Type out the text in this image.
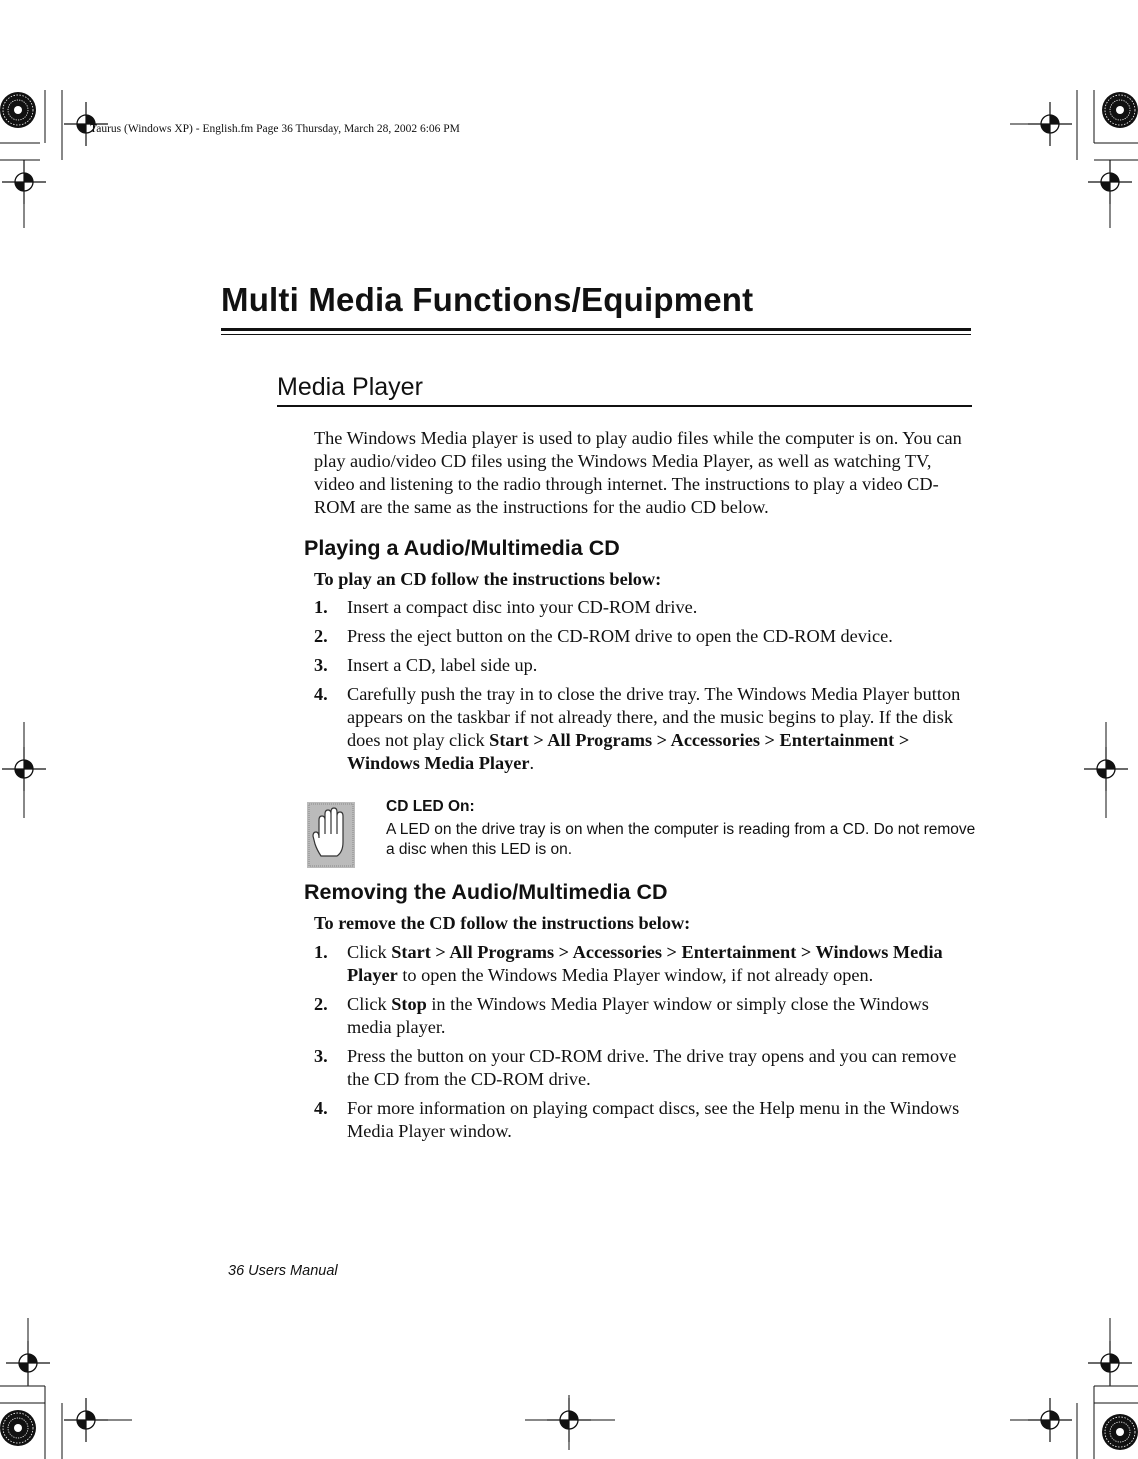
Taurus (Windows XP) - English.fm Page 36 Thursday, March 28, 2002 6:06 PM
Multi Media Functions/Equipment
Media Player
The Windows Media player is used to play audio files while the computer is on. You can play audio/video CD files using the Windows Media Player, as well as watching TV, video and listening to the radio through internet. The instructions to play a video CD-ROM are the same as the instructions for the audio CD below.
Playing a Audio/Multimedia CD
To play an CD follow the instructions below:
1. Insert a compact disc into your CD-ROM drive.
2. Press the eject button on the CD-ROM drive to open the CD-ROM device.
3. Insert a CD, label side up.
4. Carefully push the tray in to close the drive tray. The Windows Media Player button appears on the taskbar if not already there, and the music begins to play. If the disk does not play click Start > All Programs > Accessories > Entertainment > Windows Media Player.
CD LED On:
A LED on the drive tray is on when the computer is reading from a CD. Do not remove a disc when this LED is on.
Removing the Audio/Multimedia CD
To remove the CD follow the instructions below:
1. Click Start > All Programs > Accessories > Entertainment > Windows Media Player to open the Windows Media Player window, if not already open.
2. Click Stop in the Windows Media Player window or simply close the Windows media player.
3. Press the button on your CD-ROM drive. The drive tray opens and you can remove the CD from the CD-ROM drive.
4. For more information on playing compact discs, see the Help menu in the Windows Media Player window.
36 Users Manual
